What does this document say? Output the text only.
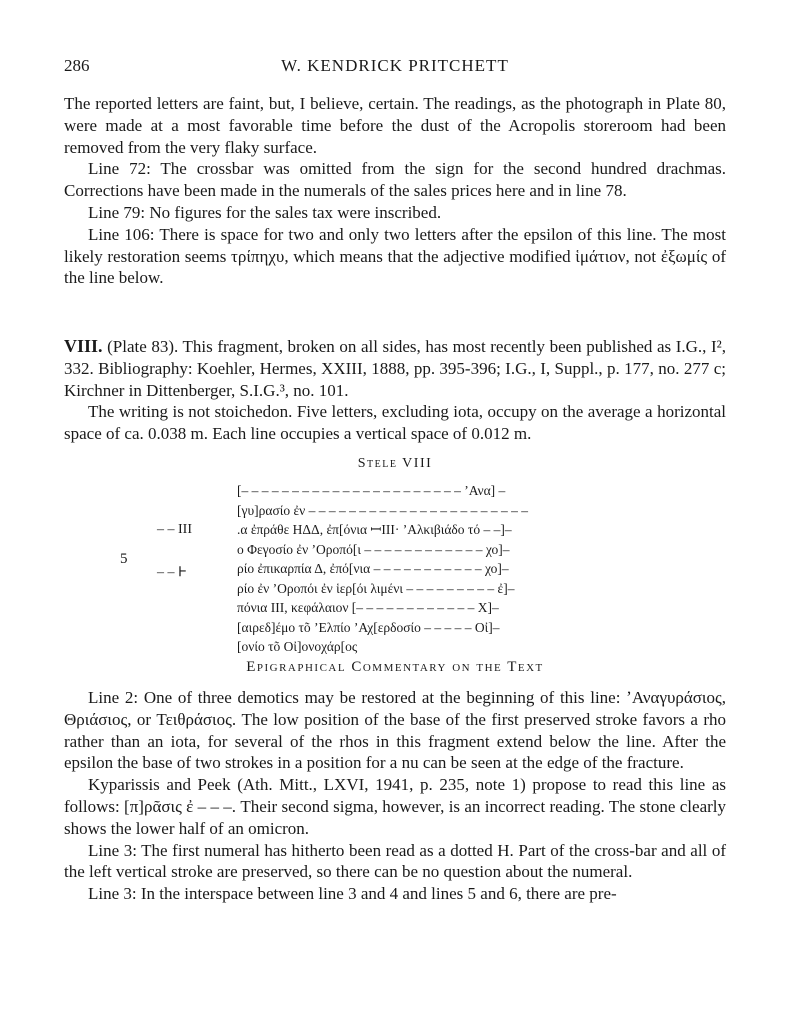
286	W. KENDRICK PRITCHETT

The reported letters are faint, but, I believe, certain. The readings, as the photograph in Plate 80, were made at a most favorable time before the dust of the Acropolis storeroom had been removed from the very flaky surface.

Line 72: The crossbar was omitted from the sign for the second hundred drachmas. Corrections have been made in the numerals of the sales prices here and in line 78.

Line 79: No figures for the sales tax were inscribed.

Line 106: There is space for two and only two letters after the epsilon of this line. The most likely restoration seems τρίπηχυ, which means that the adjective modified ἱμάτιον, not ἐξωμίς of the line below.

VIII. (Plate 83). This fragment, broken on all sides, has most recently been published as I.G., I², 332. Bibliography: Koehler, Hermes, XXIII, 1888, pp. 395-396; I.G., I, Suppl., p. 177, no. 277 c; Kirchner in Dittenberger, S.I.G.³, no. 101.

The writing is not stoichedon. Five letters, excluding iota, occupy on the average a horizontal space of ca. 0.038 m. Each line occupies a vertical space of 0.012 m.

Stele VIII
– – ΙΙΙ
5
– – 𐅂
[– – – – – – – – – – – – – – – – – – – – – – ʼΑνα] –
[γυ]ρασίο ἐν – – – – – – – – – – – – – – – – – – – – – –
.α ἐπράθε ΗΔΔ, ἐπ[όνια ꟷΙΙΙ· ʼΑλκιβιάδο τό – –]–
ο Φεγοσίο ἐν ʼΟροπό[ι – – – – – – – – – – – – χο]–
ρίο ἐπικαρπία Δ, ἐπό[νια – – – – – – – – – – – χο]–
ρίο ἐν ʼΟροπόι ἐν ἱερ[όι λιμένι – – – – – – – – – ἐ]–
πόνια ΙΙΙ, κεφάλαιον [– – – – – – – – – – – – Χ]–
[αιρεδ]έμο τõ ʼΕλπίο ʼΑχ[ερδοσίο – – – – – Οἰ]–
[ονίο τõ Οἰ]ονοχάρ[ος
Epigraphical Commentary on the Text

Line 2: One of three demotics may be restored at the beginning of this line: ʼΑναγυράσιος, Θριάσιος, or Τειθράσιος. The low position of the base of the first preserved stroke favors a rho rather than an iota, for several of the rhos in this fragment extend below the line. After the epsilon the base of two strokes in a position for a nu can be seen at the edge of the fracture.

Kyparissis and Peek (Ath. Mitt., LXVI, 1941, p. 235, note 1) propose to read this line as follows: [π]ρᾶσις ἐ – – –. Their second sigma, however, is an incorrect reading. The stone clearly shows the lower half of an omicron.

Line 3: The first numeral has hitherto been read as a dotted H. Part of the cross-bar and all of the left vertical stroke are preserved, so there can be no question about the numeral.

Line 3: In the interspace between line 3 and 4 and lines 5 and 6, there are pre-
